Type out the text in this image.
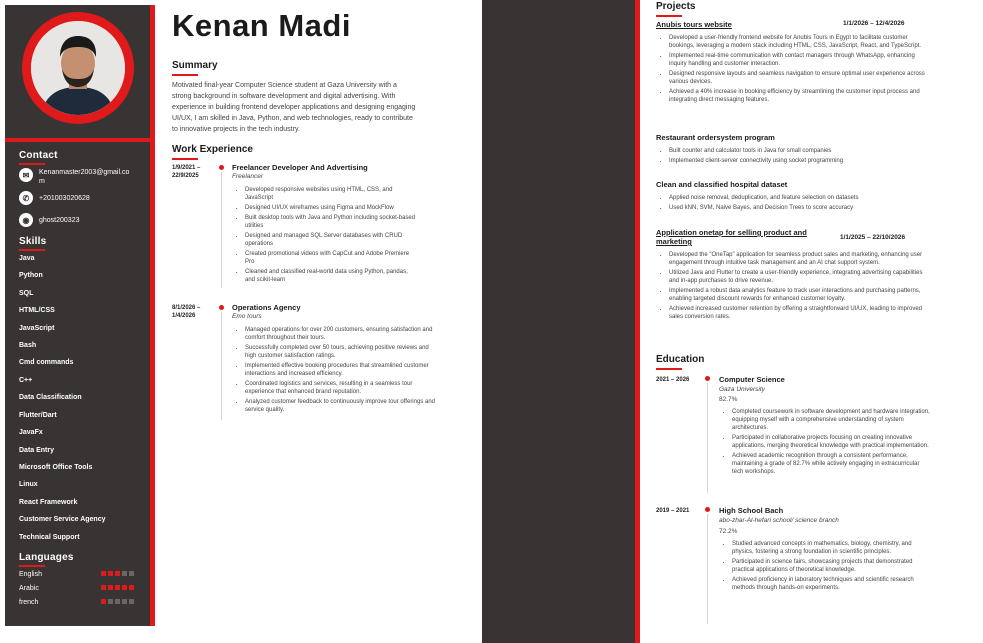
Contact
✉	Kenanmaster2003@gmail.co
m
✆	+201003020628
◉	ghost200323
Skills
Java
Python
SQL
HTML/CSS
JavaScript
Bash
Cmd commands
C++
Data Classification
Flutter/Dart
JavaFx
Data Entry
Microsoft Office Tools
Linux
React Framework
Customer Service Agency
Technical Support
Languages
English
Arabic
french
Kenan Madi
Summary
Motivated final-year Computer Science student at Gaza University with a strong background in software development and digital advertising. With experience in building frontend developer applications and designing engaging UI/UX, I am skilled in Java, Python, and web technologies, ready to contribute to innovative projects in the tech industry.
Work Experience
1/9/2021 –
22/9/2025
Freelancer Developer And Advertising
Freelancer
• Developed responsive websites using HTML, CSS, and JavaScript
• Designed UI/UX wireframes using Figma and MockFlow
• Built desktop tools with Java and Python including socket-based utilities
• Designed and managed SQL Server databases with CRUD operations
• Created promotional videos with CapCut and Adobe Premiere Pro
• Cleaned and classified real-world data using Python, pandas, and scikit-learn
8/1/2026 –
1/4/2026
Operations Agency
Emo tours
• Managed operations for over 200 customers, ensuring satisfaction and comfort throughout their tours.
• Successfully completed over 50 tours, achieving positive reviews and high customer satisfaction ratings.
• Implemented effective booking procedures that streamlined customer interactions and increased efficiency.
• Coordinated logistics and services, resulting in a seamless tour experience that enhanced brand reputation.
• Analyzed customer feedback to continuously improve tour offerings and service quality.
Projects
Anubis tours website	1/1/2026 – 12/4/2026
• Developed a user-friendly frontend website for Anubis Tours in Egypt to facilitate customer bookings, leveraging a modern stack including HTML, CSS, JavaScript, React, and TypeScript.
• Implemented real-time communication with contact managers through WhatsApp, enhancing inquiry handling and customer interaction.
• Designed responsive layouts and seamless navigation to ensure optimal user experience across various devices.
• Achieved a 40% increase in booking efficiency by streamlining the customer input process and integrating direct messaging features.
Restaurant ordersystem program
• Built counter and calculator tools in Java for small companies
• Implemented client-server connectivity using socket programming
Clean and classified hospital dataset
• Applied noise removal, deduplication, and feature selection on datasets
• Used kNN, SVM, Naive Bayes, and Decision Trees to score accuracy
Application onetap for selling product and marketing	1/1/2025 – 22/10/2026
• Developed the "OneTap" application for seamless product sales and marketing, enhancing user engagement through intuitive task management and an AI chat support system.
• Utilized Java and Flutter to create a user-friendly experience, integrating advertising capabilities and in-app purchases to drive revenue.
• Implemented a robust data analytics feature to track user interactions and purchasing patterns, enabling targeted discount rewards for enhanced customer loyalty.
• Achieved increased customer retention by offering a straightforward UI/UX, leading to improved sales conversion rates.
Education
2021 – 2026	Computer Science
Gaza University
82.7%
• Completed coursework in software development and hardware integration, equipping myself with a comprehensive understanding of system architectures.
• Participated in collaborative projects focusing on creating innovative applications, merging theoretical knowledge with practical implementation.
• Achieved academic recognition through a consistent performance, maintaining a grade of 82.7% while actively engaging in extracurricular tech workshops.
2019 – 2021	High School Bach
abo-zhar-Al-hefari school/ science branch
72.2%
• Studied advanced concepts in mathematics, biology, chemistry, and physics, fostering a strong foundation in scientific principles.
• Participated in science fairs, showcasing projects that demonstrated practical applications of theoretical knowledge.
• Achieved proficiency in laboratory techniques and scientific research methods through hands-on experiments.
